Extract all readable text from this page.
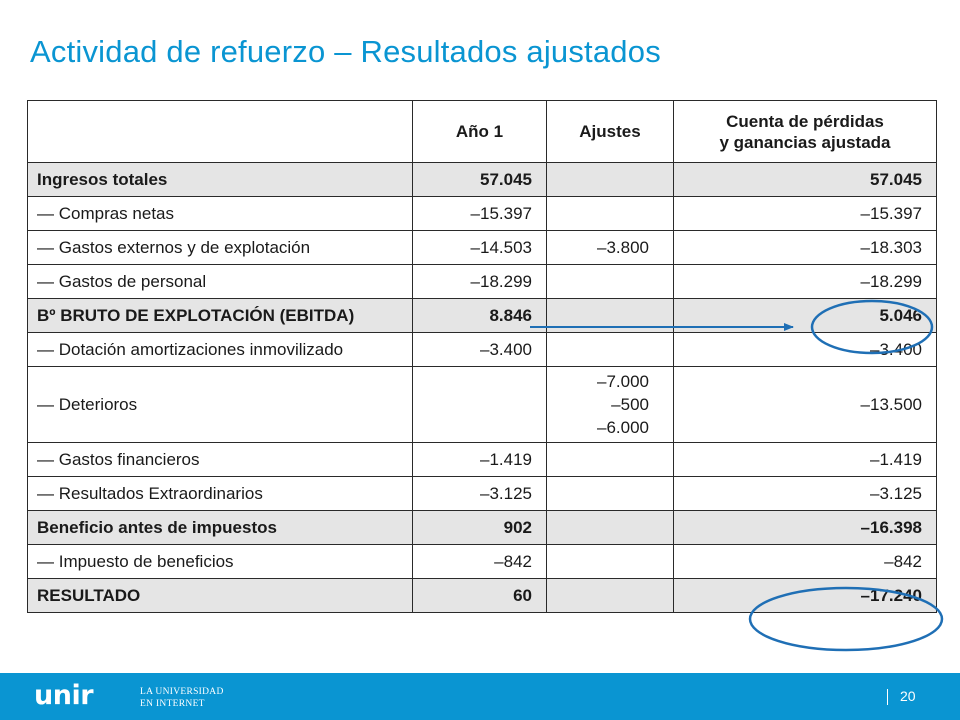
Actividad de refuerzo – Resultados ajustados
	Año 1	Ajustes	Cuenta de pérdidas
y ganancias ajustada
Ingresos totales	57.045		57.045
— Compras netas	–15.397		–15.397
— Gastos externos y de explotación	–14.503	–3.800	–18.303
— Gastos de personal	–18.299		–18.299
Bº BRUTO DE EXPLOTACIÓN (EBITDA)	8.846		5.046
— Dotación amortizaciones inmovilizado	–3.400		–3.400
— Deterioros		–7.000
–500
–6.000	–13.500
— Gastos financieros	–1.419		–1.419
— Resultados Extraordinarios	–3.125		–3.125
Beneficio antes de impuestos	902		–16.398
— Impuesto de beneficios	–842		–842
RESULTADO	60		–17.240
unir	LA UNIVERSIDAD
EN INTERNET	20
